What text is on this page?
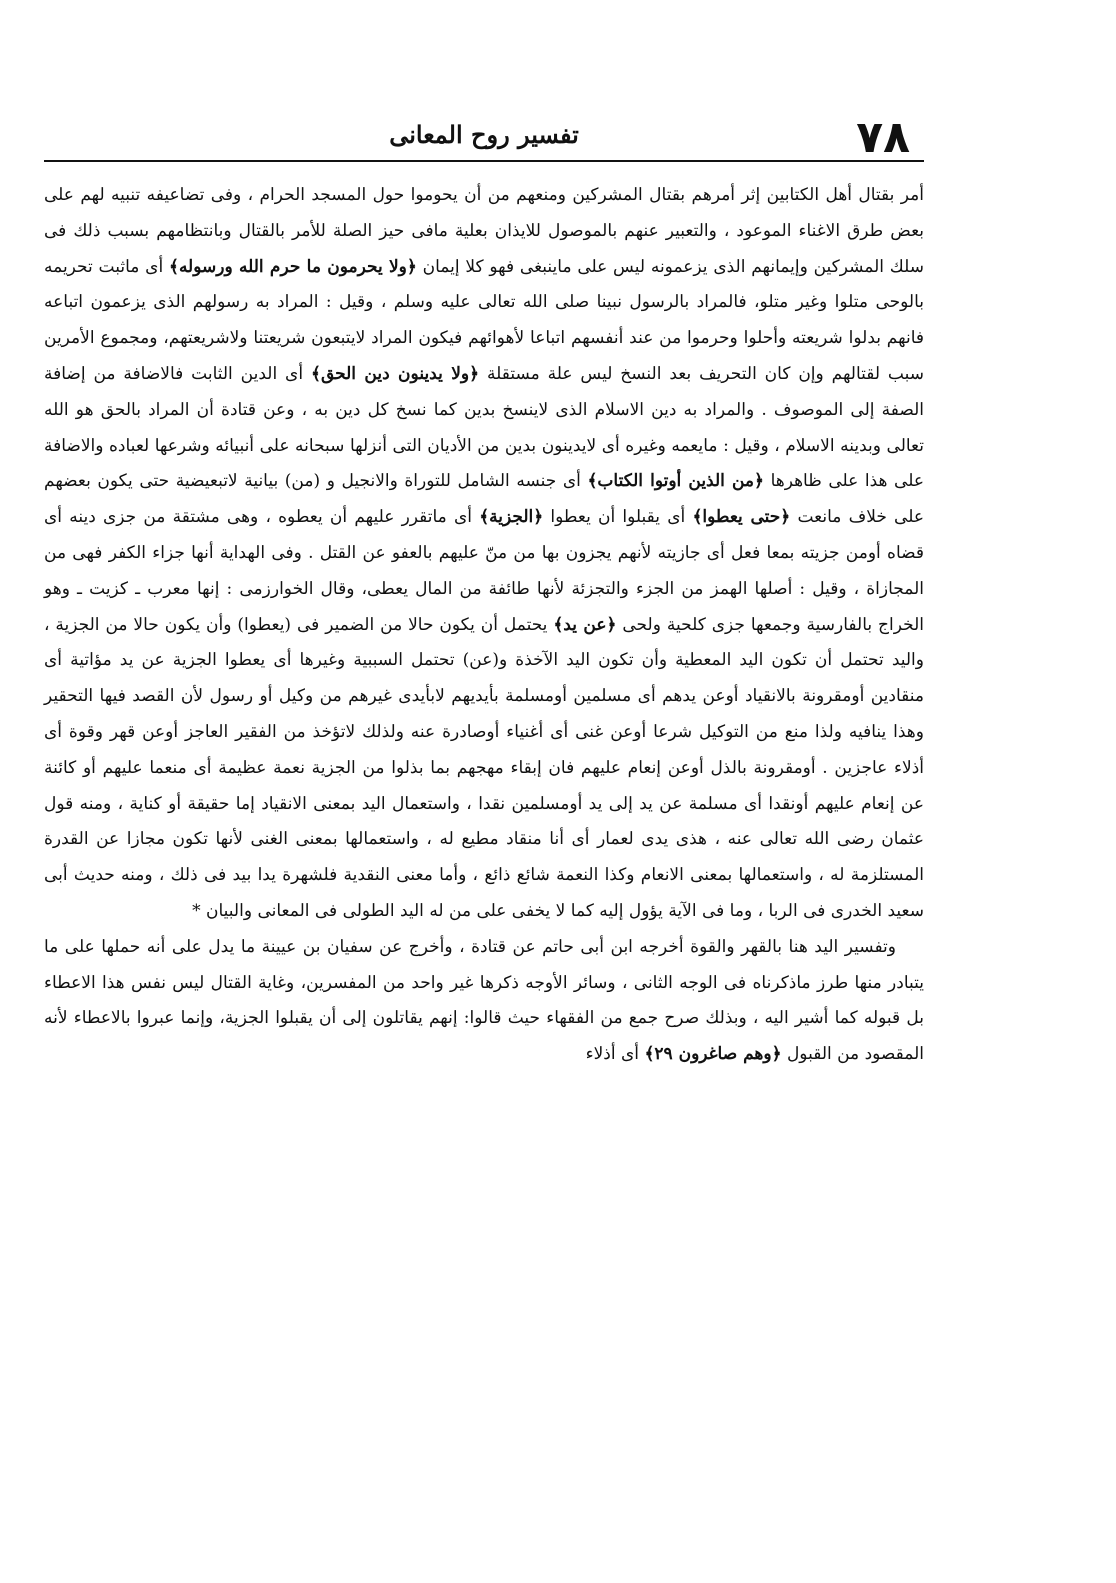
٧٨
تفسير روح المعانى

أمر بقتال أهل الكتابين إثر أمرهم بقتال المشركين ومنعهم من أن يحوموا حول المسجد الحرام ، وفى تضاعيفه تنبيه لهم على بعض طرق الاغناء الموعود ، والتعبير عنهم بالموصول للايذان بعلية مافى حيز الصلة للأمر بالقتال وبانتظامهم بسبب ذلك فى سلك المشركين وإيمانهم الذى يزعمونه ليس على ماينبغى فهو كلا إيمان ﴿ولا يحرمون ما حرم الله ورسوله﴾ أى ماثبت تحريمه بالوحى متلوا وغير متلو، فالمراد بالرسول نبينا صلى الله تعالى عليه وسلم ، وقيل : المراد به رسولهم الذى يزعمون اتباعه فانهم بدلوا شريعته وأحلوا وحرموا من عند أنفسهم اتباعا لأهوائهم فيكون المراد لايتبعون شريعتنا ولاشريعتهم، ومجموع الأمرين سبب لقتالهم وإن كان التحريف بعد النسخ ليس علة مستقلة ﴿ولا يدينون دين الحق﴾ أى الدين الثابت فالاضافة من إضافة الصفة إلى الموصوف . والمراد به دين الاسلام الذى لاينسخ بدين كما نسخ كل دين به ، وعن قتادة أن المراد بالحق هو الله تعالى وبدينه الاسلام ، وقيل : مايعمه وغيره أى لايدينون بدين من الأديان التى أنزلها سبحانه على أنبيائه وشرعها لعباده والاضافة على هذا على ظاهرها ﴿من الذين أوتوا الكتاب﴾ أى جنسه الشامل للتوراة والانجيل و (من) بيانية لاتبعيضية حتى يكون بعضهم على خلاف مانعت ﴿حتى يعطوا﴾ أى يقبلوا أن يعطوا ﴿الجزية﴾ أى ماتقرر عليهم أن يعطوه ، وهى مشتقة من جزى دينه أى قضاه أومن جزيته بمعا فعل أى جازيته لأنهم يجزون بها من منّ عليهم بالعفو عن القتل . وفى الهداية أنها جزاء الكفر فهى من المجازاة ، وقيل : أصلها الهمز من الجزء والتجزئة لأنها طائفة من المال يعطى، وقال الخوارزمى : إنها معرب ـ كزيت ـ وهو الخراج بالفارسية وجمعها جزى كلحية ولحى ﴿عن يد﴾ يحتمل أن يكون حالا من الضمير فى (يعطوا) وأن يكون حالا من الجزية ، واليد تحتمل أن تكون اليد المعطية وأن تكون اليد الآخذة و(عن) تحتمل السببية وغيرها أى يعطوا الجزية عن يد مؤاتية أى منقادين أومقرونة بالانقياد أوعن يدهم أى مسلمين أومسلمة بأيديهم لابأيدى غيرهم من وكيل أو رسول لأن القصد فيها التحقير وهذا ينافيه ولذا منع من التوكيل شرعا أوعن غنى أى أغنياء أوصادرة عنه ولذلك لاتؤخذ من الفقير العاجز أوعن قهر وقوة أى أذلاء عاجزين . أومقرونة بالذل أوعن إنعام عليهم فان إبقاء مهجهم بما بذلوا من الجزية نعمة عظيمة أى منعما عليهم أو كائنة عن إنعام عليهم أونقدا أى مسلمة عن يد إلى يد أومسلمين نقدا ، واستعمال اليد بمعنى الانقياد إما حقيقة أو كناية ، ومنه قول عثمان رضى الله تعالى عنه ، هذى يدى لعمار أى أنا منقاد مطيع له ، واستعمالها بمعنى الغنى لأنها تكون مجازا عن القدرة المستلزمة له ، واستعمالها بمعنى الانعام وكذا النعمة شائع ذائع ، وأما معنى النقدية فلشهرة يدا بيد فى ذلك ، ومنه حديث أبى سعيد الخدرى فى الربا ، وما فى الآية يؤول إليه كما لا يخفى على من له اليد الطولى فى المعانى والبيان *

وتفسير اليد هنا بالقهر والقوة أخرجه ابن أبى حاتم عن قتادة ، وأخرج عن سفيان بن عيينة ما يدل على أنه حملها على ما يتبادر منها طرز ماذكرناه فى الوجه الثانى ، وسائر الأوجه ذكرها غير واحد من المفسرين، وغاية القتال ليس نفس هذا الاعطاء بل قبوله كما أشير اليه ، وبذلك صرح جمع من الفقهاء حيث قالوا: إنهم يقاتلون إلى أن يقبلوا الجزية، وإنما عبروا بالاعطاء لأنه المقصود من القبول ﴿وهم صاغرون ٢٩﴾ أى أذلاء
